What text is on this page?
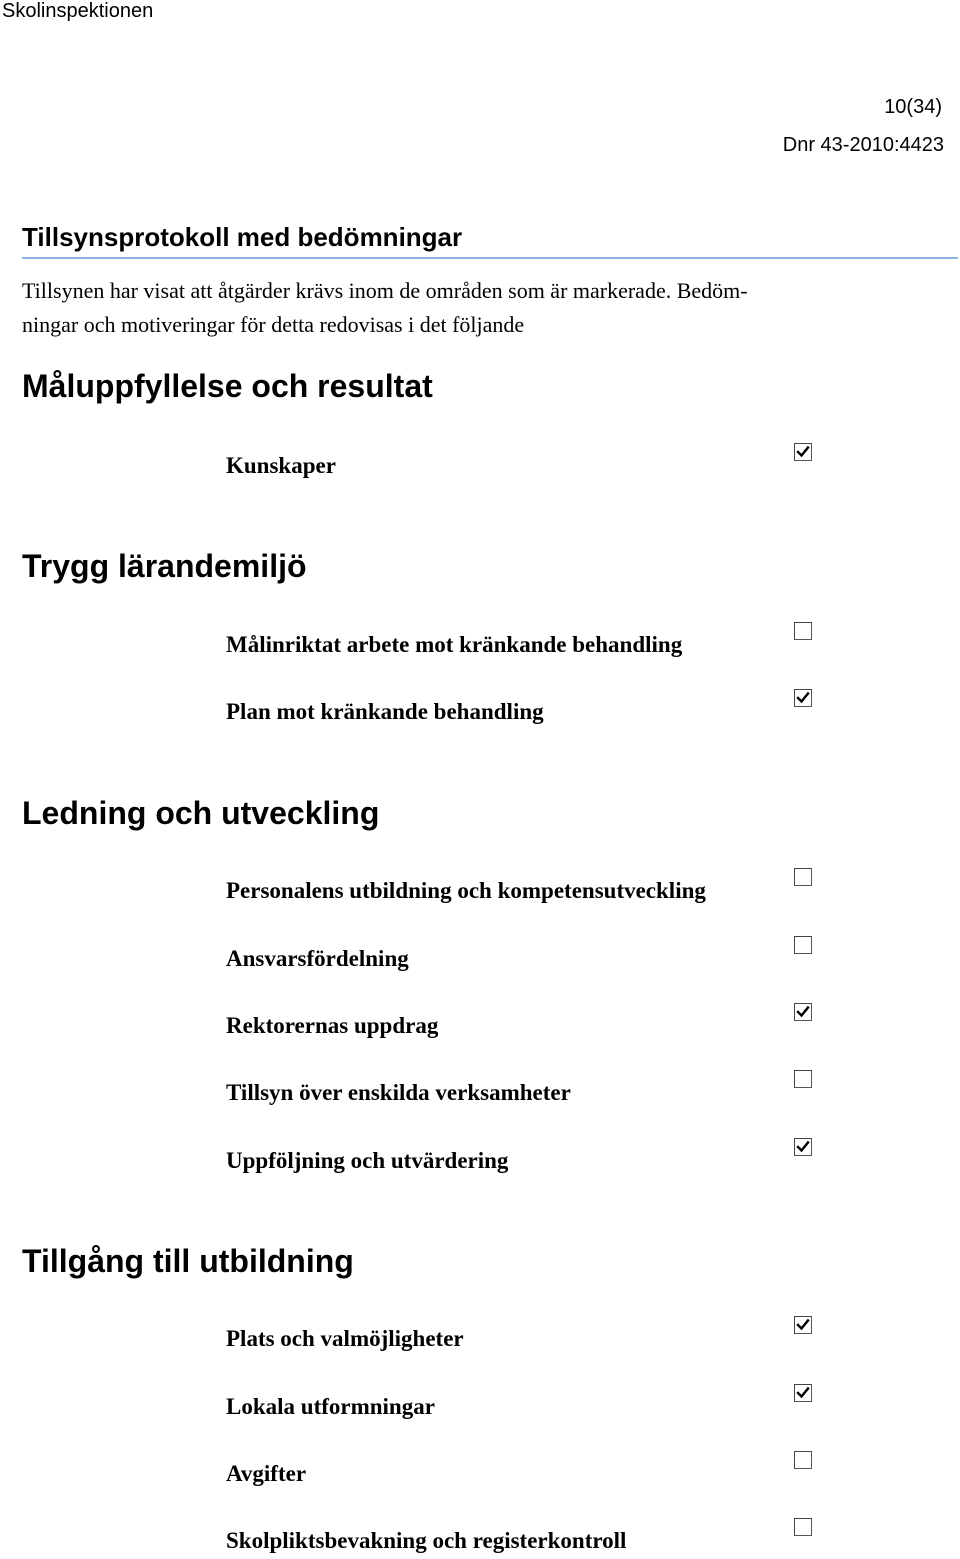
Skolinspektionen
10(34)
Dnr 43-2010:4423
Tillsynsprotokoll med bedömningar

Tillsynen har visat att åtgärder krävs inom de områden som är markerade. Bedöm-
ningar och motiveringar för detta redovisas i det följande

Måluppfyllelse och resultat
Kunskaper
Trygg lärandemiljö
Målinriktat arbete mot kränkande behandling
Plan mot kränkande behandling
Ledning och utveckling
Personalens utbildning och kompetensutveckling
Ansvarsfördelning
Rektorernas uppdrag
Tillsyn över enskilda verksamheter
Uppföljning och utvärdering
Tillgång till utbildning
Plats och valmöjligheter
Lokala utformningar
Avgifter
Skolpliktsbevakning och registerkontroll
